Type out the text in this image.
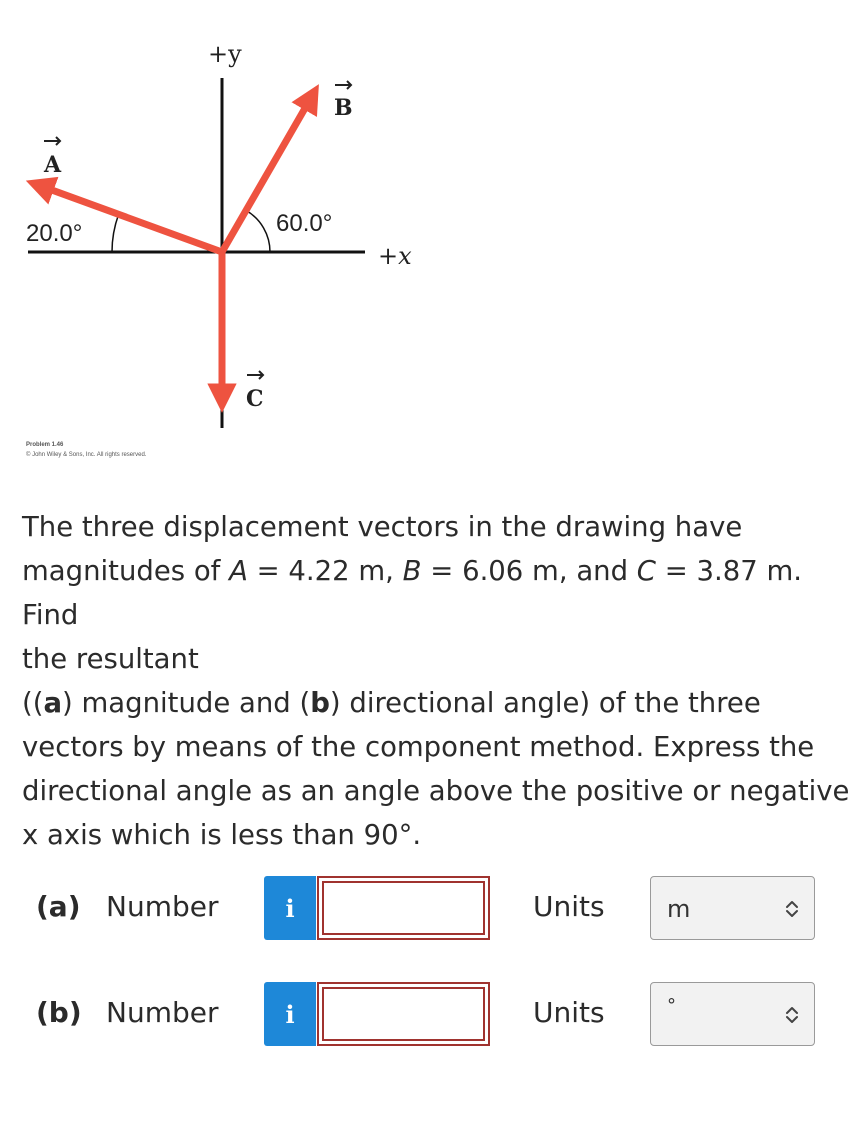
+y
+x
A
B
C
20.0°	60.0°
Problem 1.46
© John Wiley & Sons, Inc. All rights reserved.

The three displacement vectors in the drawing have

magnitudes of A = 4.22 m, B = 6.06 m, and C = 3.87 m. Find

the resultant

((a) magnitude and (b) directional angle) of the three

vectors by means of the component method. Express the

directional angle as an angle above the positive or negative

x axis which is less than 90°.

(a) Number	i	Units	m
(b) Number	i	Units	°
